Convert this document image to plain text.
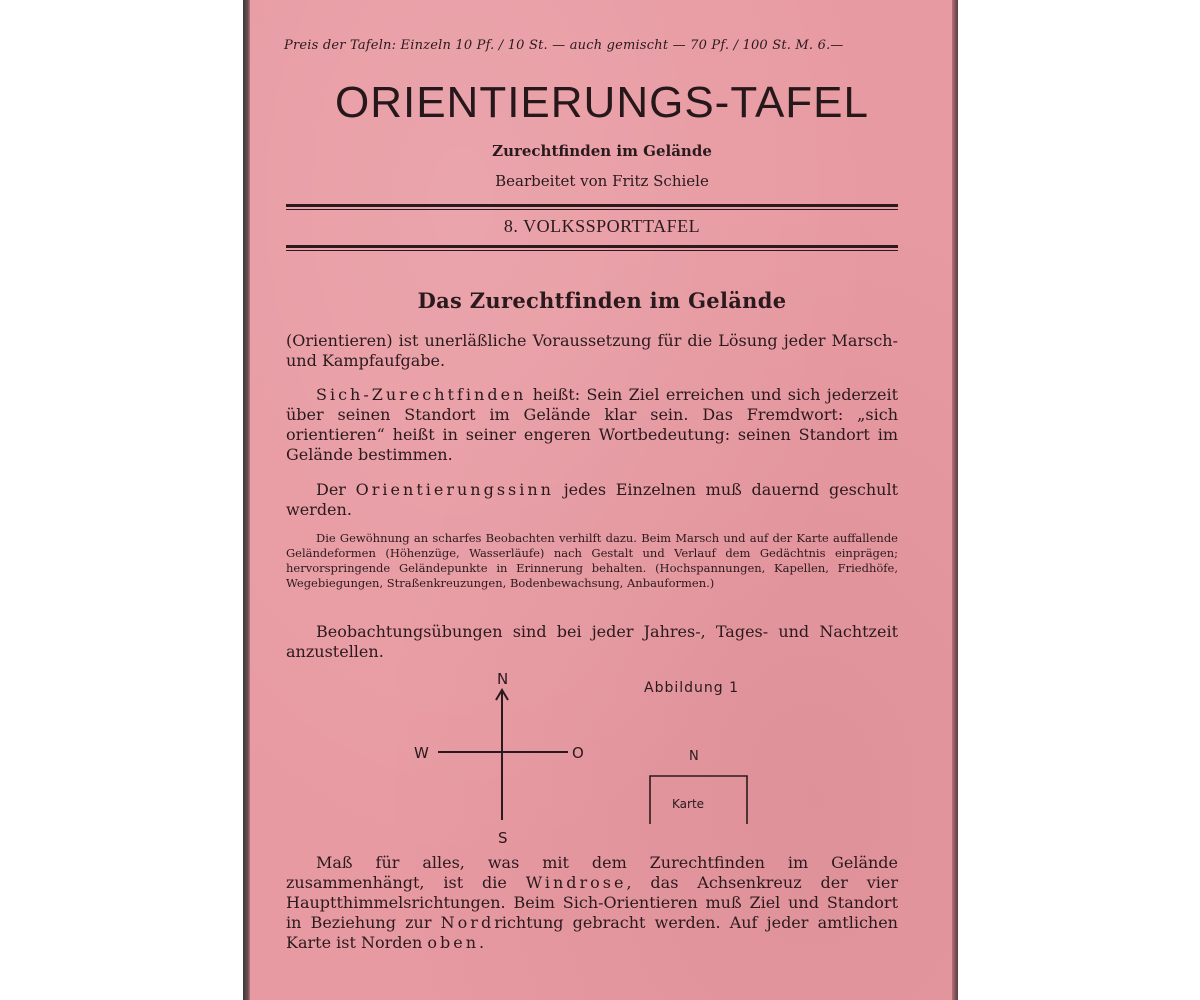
Preis der Tafeln: Einzeln 10 Pf. / 10 St. — auch gemischt — 70 Pf. / 100 St. M. 6.—
ORIENTIERUNGS-TAFEL
Zurechtfinden im Gelände
Bearbeitet von Fritz Schiele
8. VOLKSSPORTTAFEL
Das Zurechtfinden im Gelände
(Orientieren) ist unerläßliche Voraussetzung für die Lösung jeder Marsch- und Kampfaufgabe.
Sich-Zurechtfinden heißt: Sein Ziel erreichen und sich jederzeit über seinen Standort im Gelände klar sein. Das Fremdwort: „sich orientieren“ heißt in seiner engeren Wortbedeutung: seinen Standort im Gelände bestimmen.
Der Orientierungssinn jedes Einzelnen muß dauernd geschult werden.
Die Gewöhnung an scharfes Beobachten verhilft dazu. Beim Marsch und auf der Karte auffallende Geländeformen (Höhenzüge, Wasserläufe) nach Gestalt und Verlauf dem Gedächtnis einprägen; hervorspringende Geländepunkte in Erinnerung behalten. (Hochspannungen, Kapellen, Friedhöfe, Wegebiegungen, Straßenkreuzungen, Bodenbewachsung, Anbauformen.)
Beobachtungsübungen sind bei jeder Jahres-, Tages- und Nachtzeit anzustellen.
N
S
W	O
Abbildung 1
N
Karte
Maß für alles, was mit dem Zurechtfinden im Gelände zusammenhängt, ist die Windrose, das Achsenkreuz der vier Hauptthimmelsrichtungen. Beim Sich-Orientieren muß Ziel und Standort in Beziehung zur Nordrichtung gebracht werden. Auf jeder amtlichen Karte ist Norden oben.
